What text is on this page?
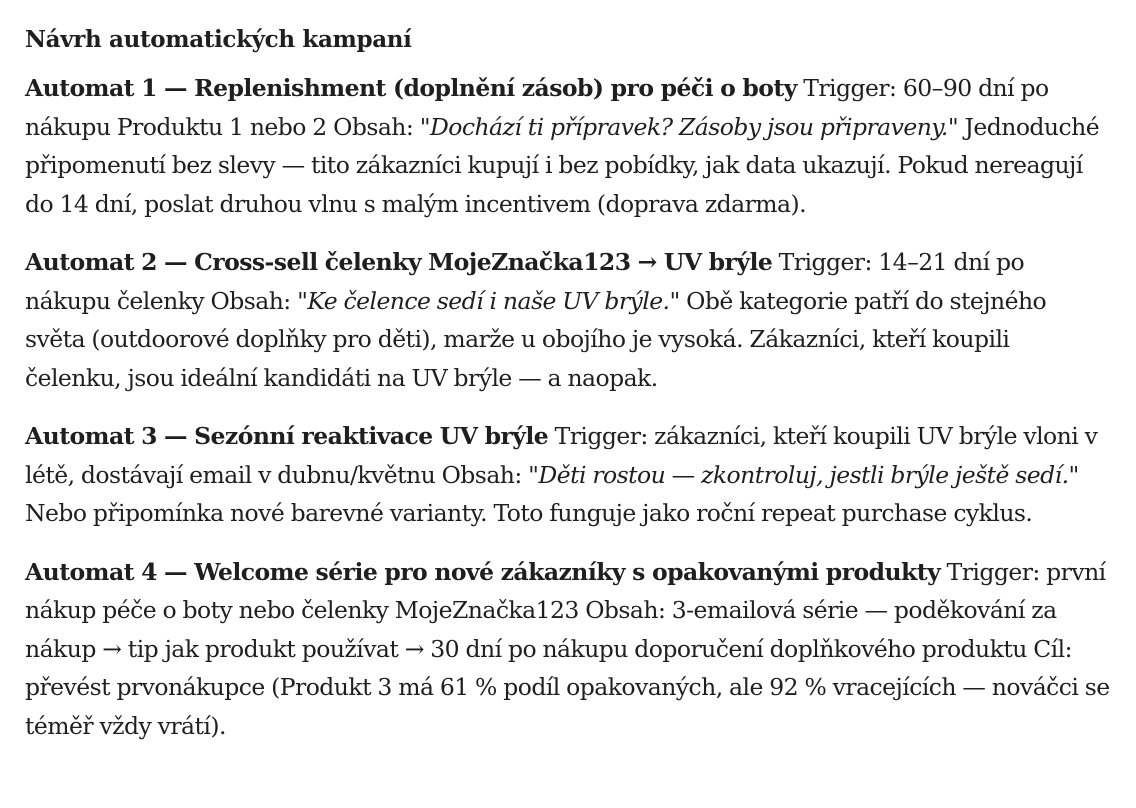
Návrh automatických kampaní

Automat 1 — Replenishment (doplnění zásob) pro péči o boty Trigger: 60–90 dní po nákupu Produktu 1 nebo 2 Obsah: "Dochází ti přípravek? Zásoby jsou připraveny." Jednoduché připomenutí bez slevy — tito zákazníci kupují i bez pobídky, jak data ukazují. Pokud nereagují do 14 dní, poslat druhou vlnu s malým incentivem (doprava zdarma).

Automat 2 — Cross-sell čelenky MojeZnačka123 → UV brýle Trigger: 14–21 dní po nákupu čelenky Obsah: "Ke čelence sedí i naše UV brýle." Obě kategorie patří do stejného světa (outdoorové doplňky pro děti), marže u obojího je vysoká. Zákazníci, kteří koupili čelenku, jsou ideální kandidáti na UV brýle — a naopak.

Automat 3 — Sezónní reaktivace UV brýle Trigger: zákazníci, kteří koupili UV brýle vloni v létě, dostávají email v dubnu/květnu Obsah: "Děti rostou — zkontroluj, jestli brýle ještě sedí." Nebo připomínka nové barevné varianty. Toto funguje jako roční repeat purchase cyklus.

Automat 4 — Welcome série pro nové zákazníky s opakovanými produkty Trigger: první nákup péče o boty nebo čelenky MojeZnačka123 Obsah: 3-emailová série — poděkování za nákup → tip jak produkt používat → 30 dní po nákupu doporučení doplňkového produktu Cíl: převést prvonákupce (Produkt 3 má 61 % podíl opakovaných, ale 92 % vracejících — nováčci se téměř vždy vrátí).
